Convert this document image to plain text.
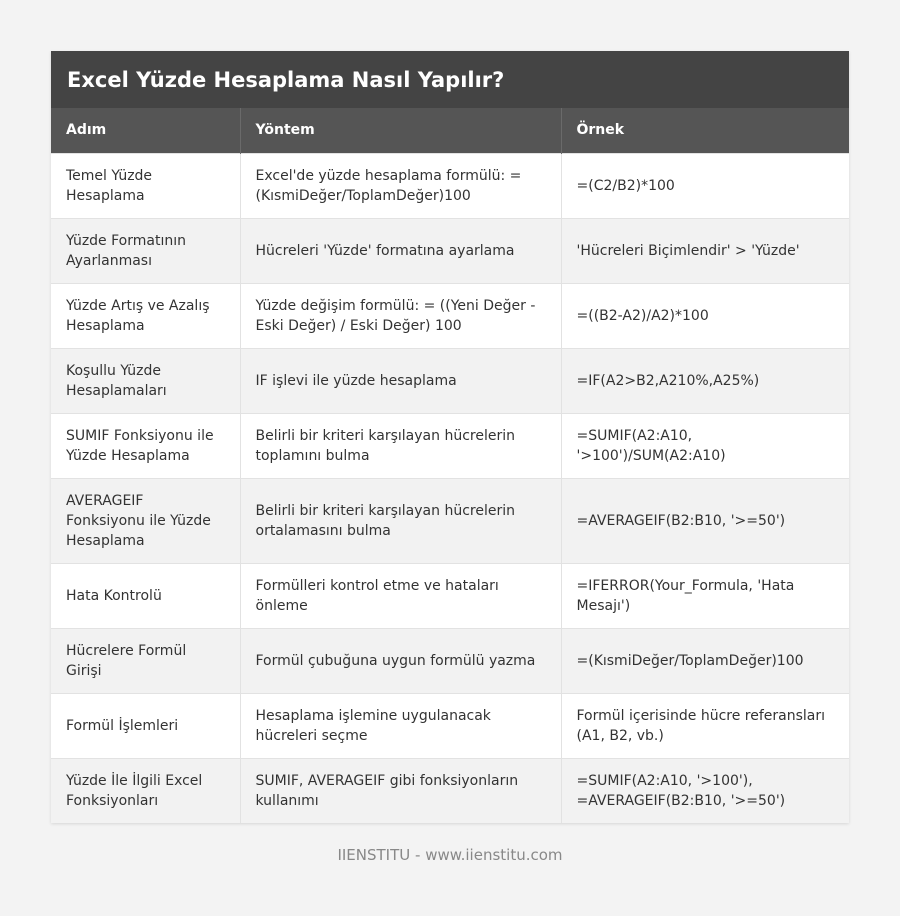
Excel Yüzde Hesaplama Nasıl Yapılır?
Adım	Yöntem	Örnek
Temel Yüzde Hesaplama	Excel'de yüzde hesaplama formülü: = (KısmiDeğer/ToplamDeğer)100	=(C2/B2)*100
Yüzde Formatının Ayarlanması	Hücreleri 'Yüzde' formatına ayarlama	'Hücreleri Biçimlendir' > 'Yüzde'
Yüzde Artış ve Azalış Hesaplama	Yüzde değişim formülü: = ((Yeni Değer - Eski Değer) / Eski Değer) 100	=((B2-A2)/A2)*100
Koşullu Yüzde Hesaplamaları	IF işlevi ile yüzde hesaplama	=IF(A2>B2,A210%,A25%)
SUMIF Fonksiyonu ile Yüzde Hesaplama	Belirli bir kriteri karşılayan hücrelerin toplamını bulma	=SUMIF(A2:A10, '>100')/SUM(A2:A10)
AVERAGEIF Fonksiyonu ile Yüzde Hesaplama	Belirli bir kriteri karşılayan hücrelerin ortalamasını bulma	=AVERAGEIF(B2:B10, '>=50')
Hata Kontrolü	Formülleri kontrol etme ve hataları önleme	=IFERROR(Your_Formula, 'Hata Mesajı')
Hücrelere Formül Girişi	Formül çubuğuna uygun formülü yazma	=(KısmiDeğer/ToplamDeğer)100
Formül İşlemleri	Hesaplama işlemine uygulanacak hücreleri seçme	Formül içerisinde hücre referansları (A1, B2, vb.)
Yüzde İle İlgili Excel Fonksiyonları	SUMIF, AVERAGEIF gibi fonksiyonların kullanımı	=SUMIF(A2:A10, '>100'), =AVERAGEIF(B2:B10, '>=50')
IIENSTITU - www.iienstitu.com
